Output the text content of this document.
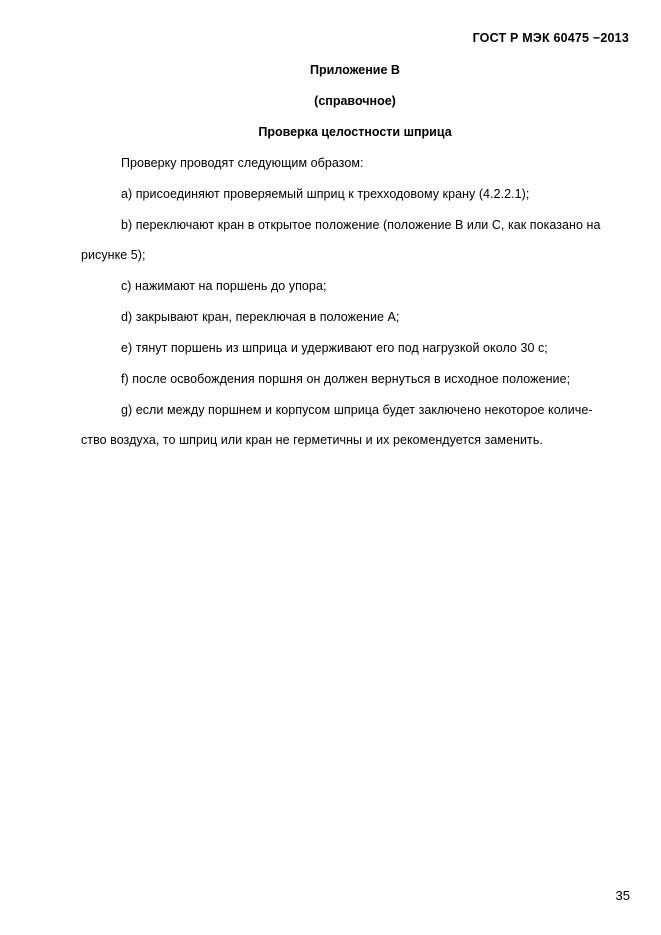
ГОСТ Р МЭК 60475 −2013
Приложение В
(справочное)
Проверка целостности шприца
Проверку проводят следующим образом:
а) присоединяют проверяемый шприц к трехходовому крану (4.2.2.1);
b) переключают кран в открытое положение (положение В или С, как показано на
рисунке 5);
c) нажимают на поршень до упора;
d) закрывают кран, переключая в положение А;
е) тянут поршень из шприца и удерживают его под нагрузкой около 30 с;
f) после освобождения поршня он должен вернуться в исходное положение;
g) если между поршнем и корпусом шприца будет заключено некоторое количе-
ство воздуха, то шприц или кран не герметичны и их рекомендуется заменить.
35
